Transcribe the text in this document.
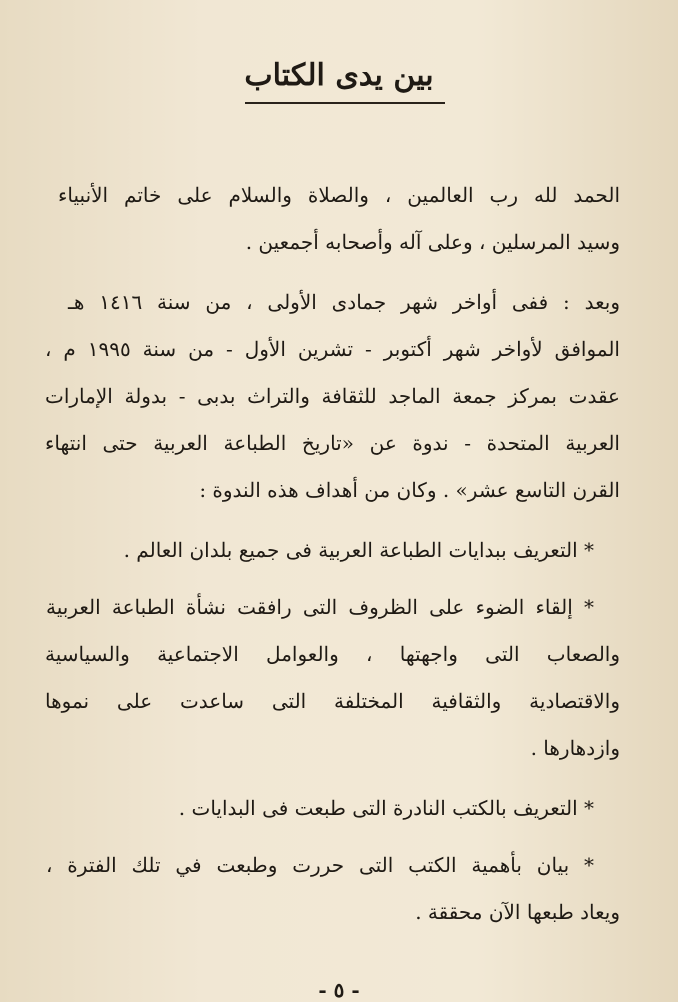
بين يدى الكتاب
الحمد لله رب العالمين ، والصلاة والسلام على خاتم الأنبياء
وسيد المرسلين ، وعلى آله وأصحابه أجمعين .
وبعد : ففى أواخر شهر جمادى الأولى ، من سنة ١٤١٦ هـ
الموافق لأواخر شهر أكتوبر - تشرين الأول - من سنة ١٩٩٥ م ،
عقدت بمركز جمعة الماجد للثقافة والتراث بدبى - بدولة الإمارات
العربية المتحدة - ندوة عن «تاريخ الطباعة العربية حتى انتهاء
القرن التاسع عشر» . وكان من أهداف هذه الندوة :
* التعريف ببدايات الطباعة العربية فى جميع بلدان العالم .
* إلقاء الضوء على الظروف التى رافقت نشأة الطباعة العربية
والصعاب التى واجهتها ، والعوامل الاجتماعية والسياسية
والاقتصادية والثقافية المختلفة التى ساعدت على نموها
وازدهارها .
* التعريف بالكتب النادرة التى طبعت فى البدايات .
* بيان بأهمية الكتب التى حررت وطبعت في تلك الفترة ،
ويعاد طبعها الآن محققة .
- ٥ -
